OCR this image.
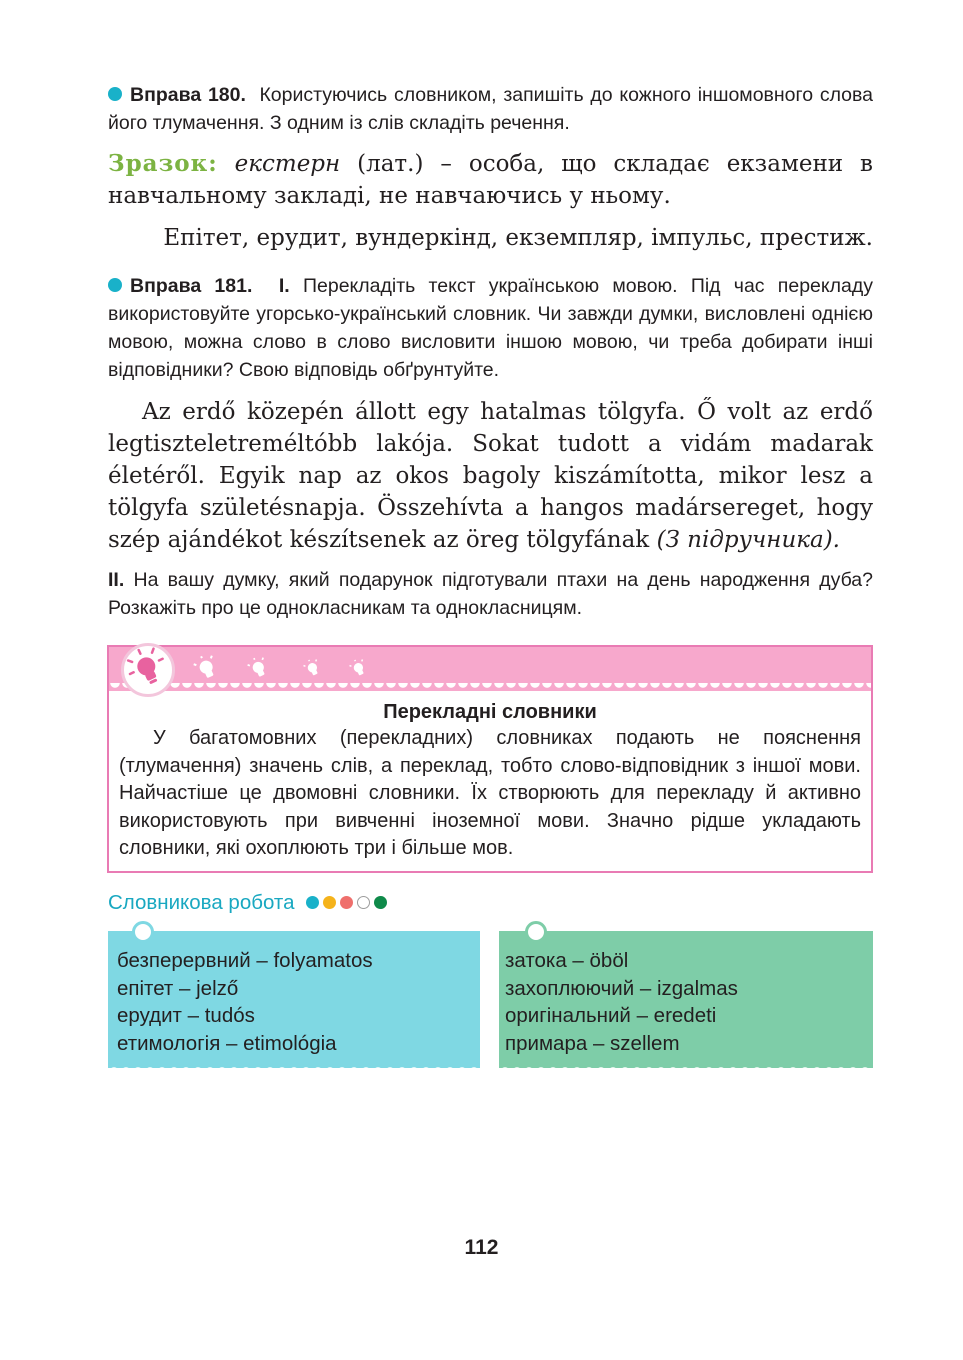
Вправа 180. Користуючись словником, запишіть до кожного іншомовного слова його тлумачення. З одним із слів складіть речення.
Зразок: екстерн (лат.) – особа, що складає екзамени в навчальному закладі, не навчаючись у ньому.
Епітет, ерудит, вундеркінд, екземпляр, імпульс, престиж.
Вправа 181. I. Перекладіть текст українською мовою. Під час перекладу використовуйте угорсько-український словник. Чи завжди думки, висловлені однією мовою, можна слово в слово висловити іншою мовою, чи треба добирати інші відповідники? Свою відповідь обґрунтуйте.
Az erdő közepén állott egy hatalmas tölgyfa. Ő volt az erdő legtiszteletreméltóbb lakója. Sokat tudott a vidám madarak életéről. Egyik nap az okos bagoly kiszámította, mikor lesz a tölgyfa születésnapja. Összehívta a hangos madársereget, hogy szép ajándékot készítsenek az öreg tölgyfának (З підручника).
II. На вашу думку, який подарунок підготували птахи на день народження дуба? Розкажіть про це однокласникам та однокласницям.
Перекладні словники
У багатомовних (перекладних) словниках подають не пояснення (тлумачення) значень слів, а переклад, тобто слово-відповідник з іншої мови. Найчастіше це двомовні словники. Їх створюють для перекладу й активно використовують при вивченні іноземної мови. Значно рідше укладають словники, які охоплюють три і більше мов.
Словникова робота
безперервний – folyamatos
епітет – jelző
ерудит – tudós
етимологія – etimológia
затока – öböl
захоплюючий – izgalmas
оригінальний – eredeti
примара – szellem
112
